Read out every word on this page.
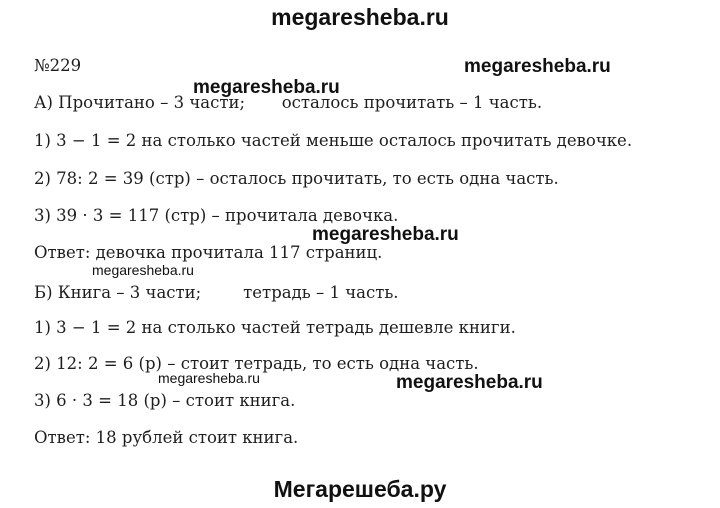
megaresheba.ru
№229
А) Прочитано – 3 части;       осталось прочитать – 1 часть.
1) 3 − 1 = 2 на столько частей меньше осталось прочитать девочке.
2) 78: 2 = 39 (стр) – осталось прочитать, то есть одна часть.
3) 39 · 3 = 117 (стр) – прочитала девочка.
Ответ: девочка прочитала 117 страниц.
Б) Книга – 3 части;        тетрадь – 1 часть.
1) 3 − 1 = 2 на столько частей тетрадь дешевле книги.
2) 12: 2 = 6 (р) – стоит тетрадь, то есть одна часть.
3) 6 · 3 = 18 (р) – стоит книга.
Ответ: 18 рублей стоит книга.
megaresheba.ru
megaresheba.ru
megaresheba.ru
megaresheba.ru
megaresheba.ru	megaresheba.ru
Мегарешеба.ру
